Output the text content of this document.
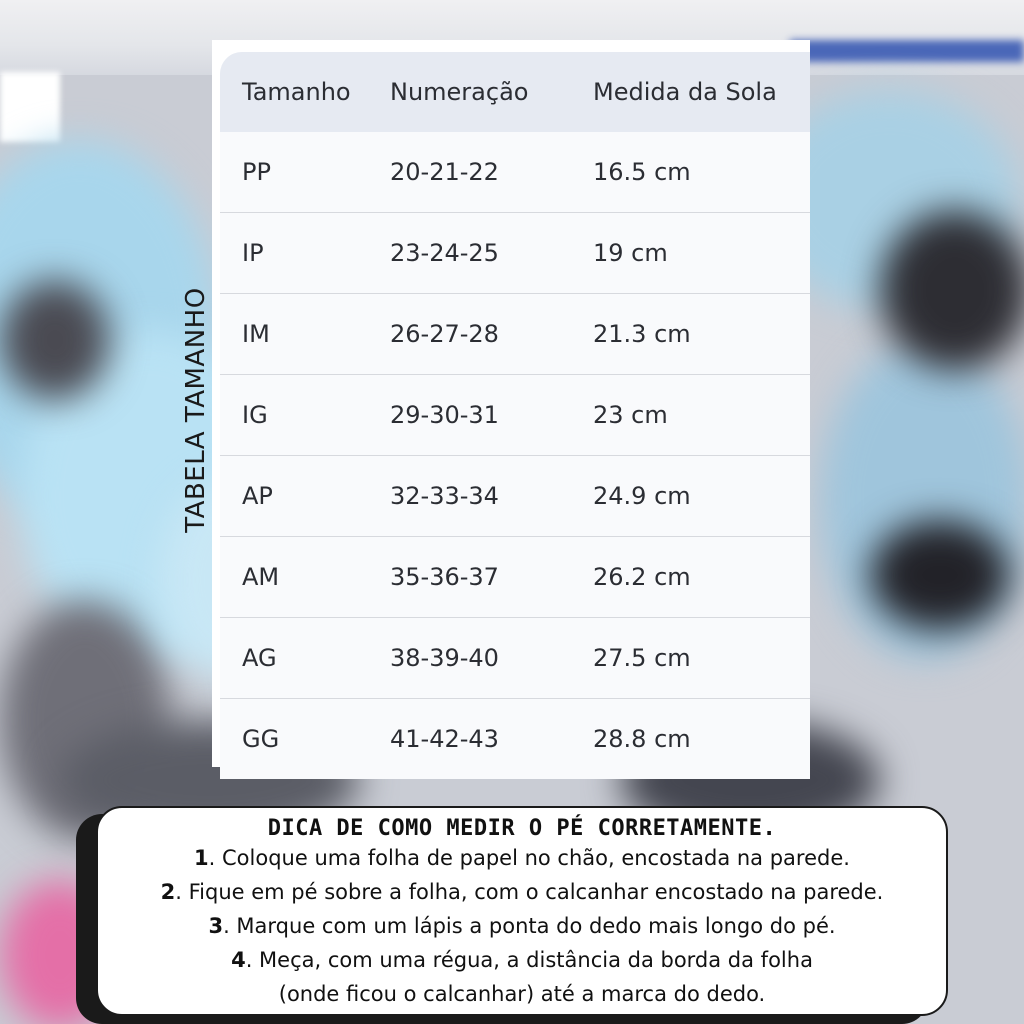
TABELA TAMANHO
Tamanho	Numeração	Medida da Sola
PP	20-21-22	16.5 cm
IP	23-24-25	19 cm
IM	26-27-28	21.3 cm
IG	29-30-31	23 cm
AP	32-33-34	24.9 cm
AM	35-36-37	26.2 cm
AG	38-39-40	27.5 cm
GG	41-42-43	28.8 cm
DICA DE COMO MEDIR O PÉ CORRETAMENTE.
1. Coloque uma folha de papel no chão, encostada na parede.
2. Fique em pé sobre a folha, com o calcanhar encostado na parede.
3. Marque com um lápis a ponta do dedo mais longo do pé.
4. Meça, com uma régua, a distância da borda da folha
(onde ficou o calcanhar) até a marca do dedo.
